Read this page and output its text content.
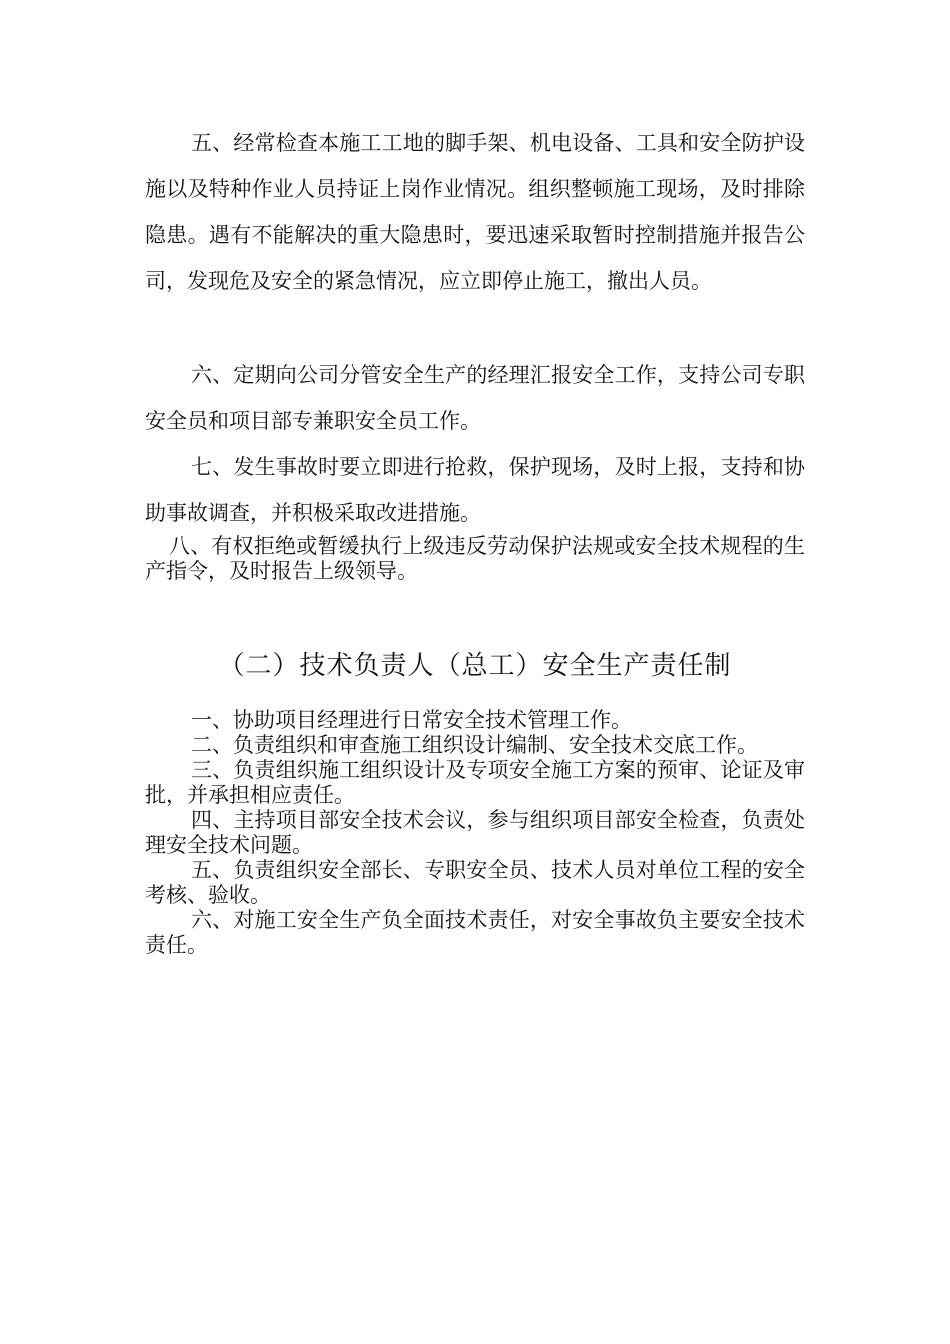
五、经常检查本施工工地的脚手架、机电设备、工具和安全防护设施以及特种作业人员持证上岗作业情况。组织整顿施工现场，及时排除隐患。遇有不能解决的重大隐患时，要迅速采取暂时控制措施并报告公司，发现危及安全的紧急情况，应立即停止施工，撤出人员。

六、定期向公司分管安全生产的经理汇报安全工作，支持公司专职安全员和项目部专兼职安全员工作。

七、发生事故时要立即进行抢救，保护现场，及时上报，支持和协助事故调查，并积极采取改进措施。

八、有权拒绝或暂缓执行上级违反劳动保护法规或安全技术规程的生产指令，及时报告上级领导。

（二）技术负责人（总工）安全生产责任制

一、协助项目经理进行日常安全技术管理工作。

二、负责组织和审查施工组织设计编制、安全技术交底工作。

三、负责组织施工组织设计及专项安全施工方案的预审、论证及审批，并承担相应责任。

四、主持项目部安全技术会议，参与组织项目部安全检查，负责处理安全技术问题。

五、负责组织安全部长、专职安全员、技术人员对单位工程的安全考核、验收。

六、对施工安全生产负全面技术责任，对安全事故负主要安全技术责任。
